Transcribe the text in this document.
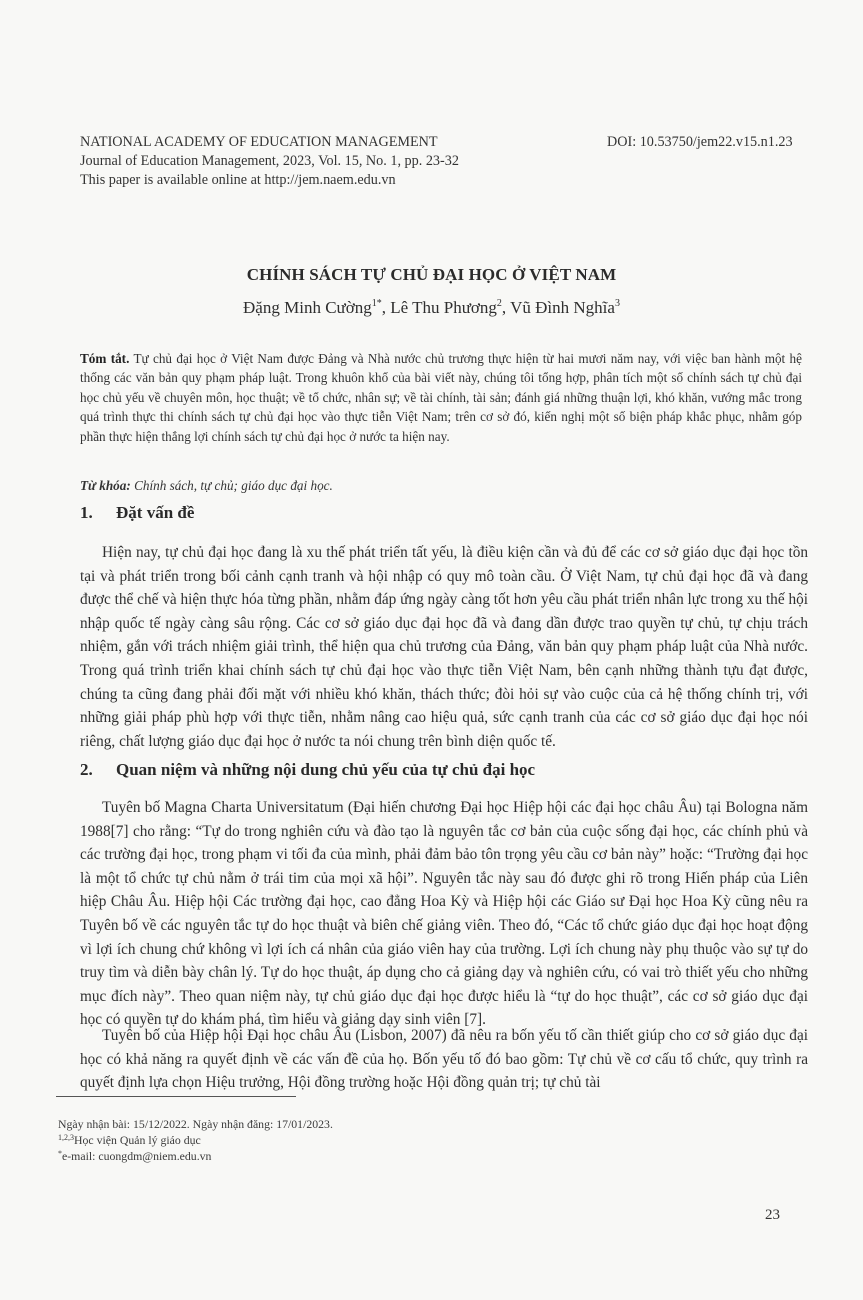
NATIONAL ACADEMY OF EDUCATION MANAGEMENT
Journal of Education Management, 2023, Vol. 15, No. 1, pp. 23-32
This paper is available online at http://jem.naem.edu.vn
DOI: 10.53750/jem22.v15.n1.23
CHÍNH SÁCH TỰ CHỦ ĐẠI HỌC Ở VIỆT NAM
Đặng Minh Cường$^{1*}$, Lê Thu Phương$^2$, Vũ Đình Nghĩa$^3$
Tóm tắt. Tự chủ đại học ở Việt Nam được Đảng và Nhà nước chủ trương thực hiện từ hai mươi năm nay, với việc ban hành một hệ thống các văn bản quy phạm pháp luật. Trong khuôn khổ của bài viết này, chúng tôi tổng hợp, phân tích một số chính sách tự chủ đại học chủ yếu về chuyên môn, học thuật; về tổ chức, nhân sự; về tài chính, tài sản; đánh giá những thuận lợi, khó khăn, vướng mắc trong quá trình thực thi chính sách tự chủ đại học vào thực tiễn Việt Nam; trên cơ sở đó, kiến nghị một số biện pháp khắc phục, nhằm góp phần thực hiện thắng lợi chính sách tự chủ đại học ở nước ta hiện nay.
Từ khóa: Chính sách, tự chủ; giáo dục đại học.
1. Đặt vấn đề
Hiện nay, tự chủ đại học đang là xu thế phát triển tất yếu, là điều kiện cần và đủ để các cơ sở giáo dục đại học tồn tại và phát triển trong bối cảnh cạnh tranh và hội nhập có quy mô toàn cầu. Ở Việt Nam, tự chủ đại học đã và đang được thể chế và hiện thực hóa từng phần, nhằm đáp ứng ngày càng tốt hơn yêu cầu phát triển nhân lực trong xu thế hội nhập quốc tế ngày càng sâu rộng. Các cơ sở giáo dục đại học đã và đang dần được trao quyền tự chủ, tự chịu trách nhiệm, gắn với trách nhiệm giải trình, thể hiện qua chủ trương của Đảng, văn bản quy phạm pháp luật của Nhà nước. Trong quá trình triển khai chính sách tự chủ đại học vào thực tiễn Việt Nam, bên cạnh những thành tựu đạt được, chúng ta cũng đang phải đối mặt với nhiều khó khăn, thách thức; đòi hỏi sự vào cuộc của cả hệ thống chính trị, với những giải pháp phù hợp với thực tiễn, nhằm nâng cao hiệu quả, sức cạnh tranh của các cơ sở giáo dục đại học nói riêng, chất lượng giáo dục đại học ở nước ta nói chung trên bình diện quốc tế.
2. Quan niệm và những nội dung chủ yếu của tự chủ đại học
Tuyên bố Magna Charta Universitatum (Đại hiến chương Đại học Hiệp hội các đại học châu Âu) tại Bologna năm 1988[7] cho rằng: “Tự do trong nghiên cứu và đào tạo là nguyên tắc cơ bản của cuộc sống đại học, các chính phủ và các trường đại học, trong phạm vi tối đa của mình, phải đảm bảo tôn trọng yêu cầu cơ bản này” hoặc: “Trường đại học là một tổ chức tự chủ nằm ở trái tim của mọi xã hội”. Nguyên tắc này sau đó được ghi rõ trong Hiến pháp của Liên hiệp Châu Âu. Hiệp hội Các trường đại học, cao đẳng Hoa Kỳ và Hiệp hội các Giáo sư Đại học Hoa Kỳ cũng nêu ra Tuyên bố về các nguyên tắc tự do học thuật và biên chế giảng viên. Theo đó, “Các tổ chức giáo dục đại học hoạt động vì lợi ích chung chứ không vì lợi ích cá nhân của giáo viên hay của trường. Lợi ích chung này phụ thuộc vào sự tự do truy tìm và diễn bày chân lý. Tự do học thuật, áp dụng cho cả giảng dạy và nghiên cứu, có vai trò thiết yếu cho những mục đích này”. Theo quan niệm này, tự chủ giáo dục đại học được hiểu là “tự do học thuật”, các cơ sở giáo dục đại học có quyền tự do khám phá, tìm hiểu và giảng dạy sinh viên [7].
Tuyên bố của Hiệp hội Đại học châu Âu (Lisbon, 2007) đã nêu ra bốn yếu tố cần thiết giúp cho cơ sở giáo dục đại học có khả năng ra quyết định về các vấn đề của họ. Bốn yếu tố đó bao gồm: Tự chủ về cơ cấu tổ chức, quy trình ra quyết định lựa chọn Hiệu trưởng, Hội đồng trường hoặc Hội đồng quản trị; tự chủ tài
Ngày nhận bài: 15/12/2022. Ngày nhận đăng: 17/01/2023.
$^{1,2,3}$Học viện Quản lý giáo dục
*e-mail: cuongdm@niem.edu.vn
23
